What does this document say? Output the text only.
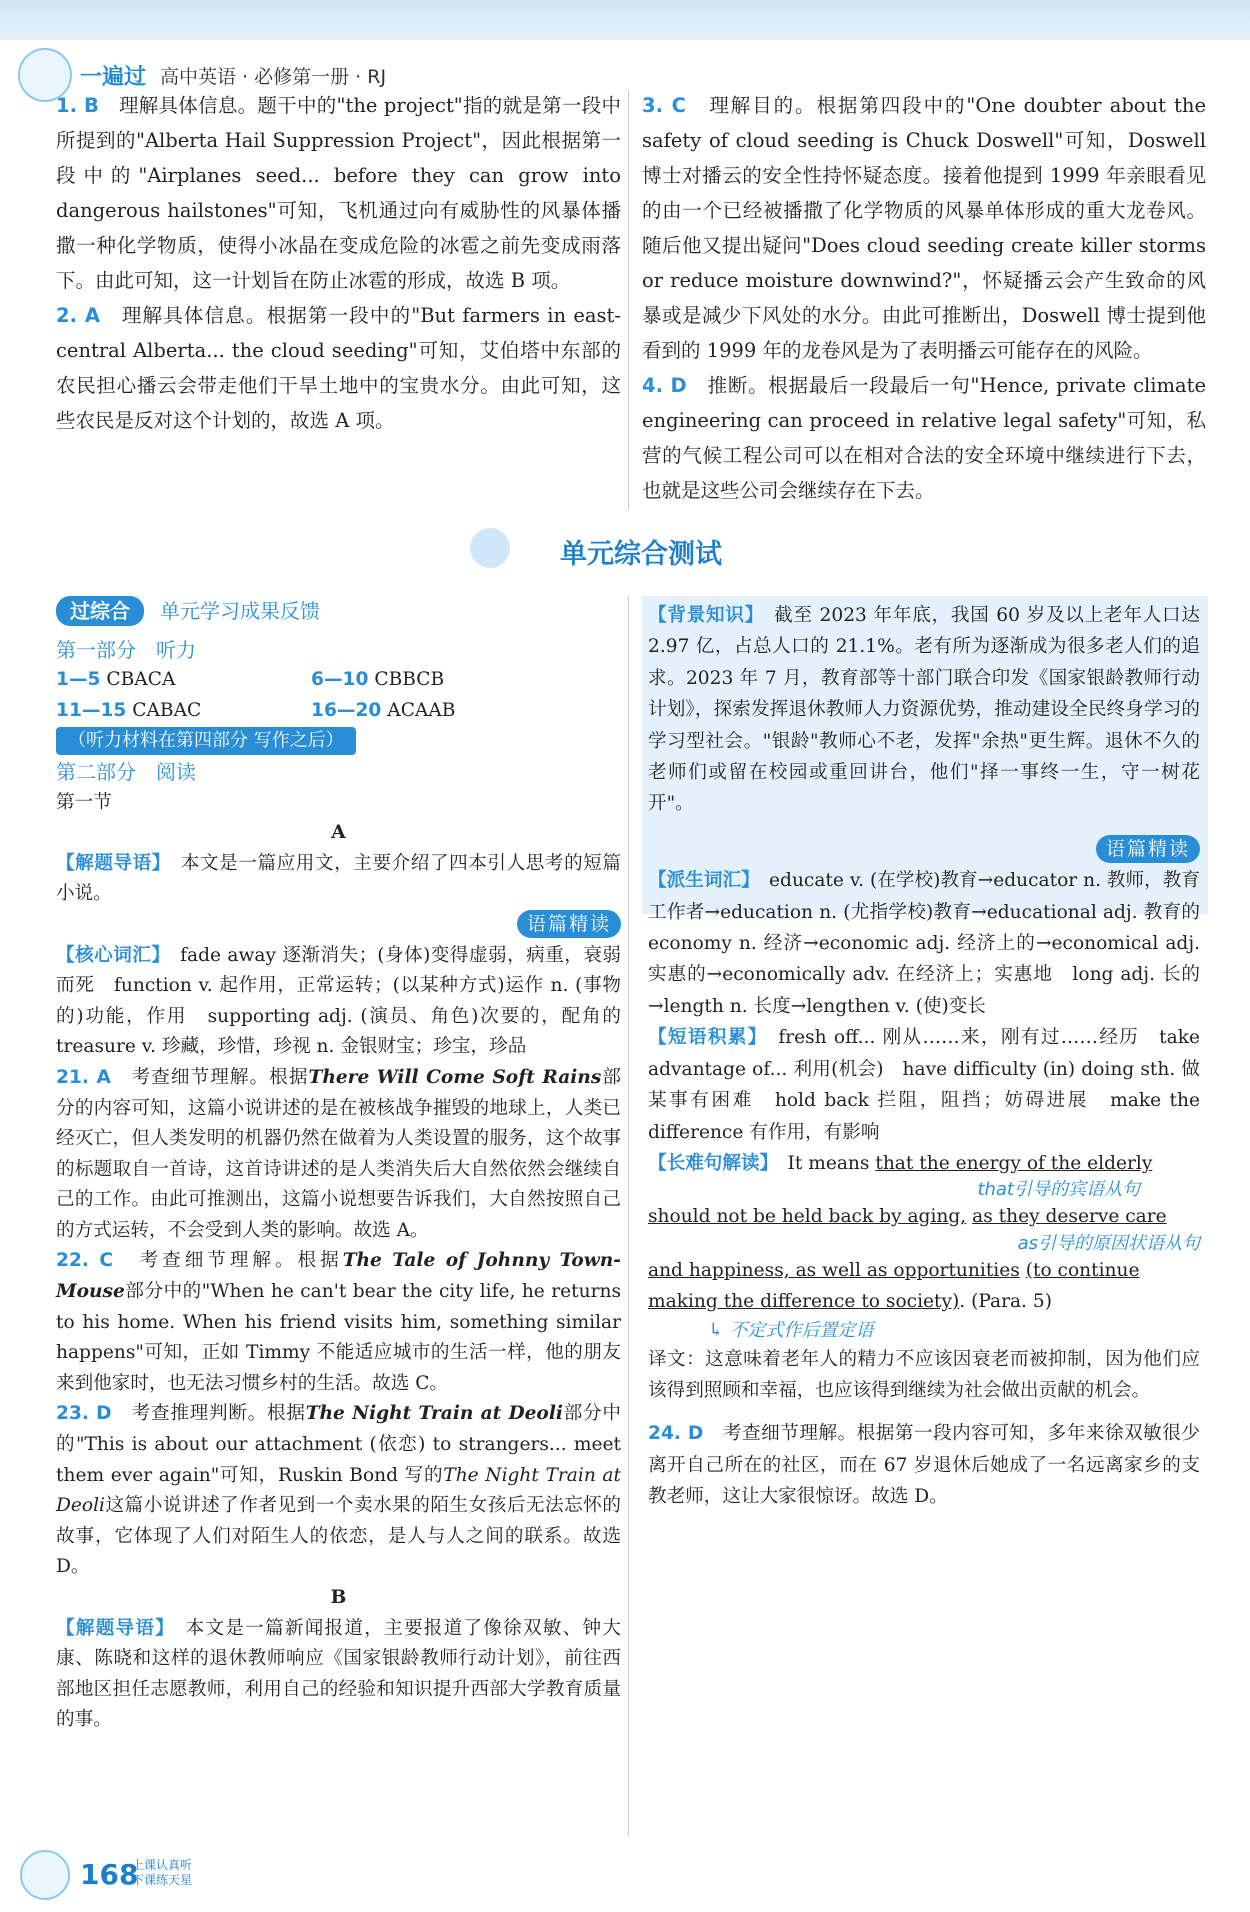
一遍过 高中英语 · 必修第一册 · RJ

1. B　 理解具体信息。题干中的"the project"指的就是第一段中所提到的"Alberta Hail Suppression Project"，因此根据第一段中的"Airplanes seed... before they can grow into dangerous hailstones"可知，飞机通过向有威胁性的风暴体播撒一种化学物质，使得小冰晶在变成危险的冰雹之前先变成雨落下。由此可知，这一计划旨在防止冰雹的形成，故选 B 项。

2. A　 理解具体信息。根据第一段中的"But farmers in east-central Alberta... the cloud seeding"可知，艾伯塔中东部的农民担心播云会带走他们干旱土地中的宝贵水分。由此可知，这些农民是反对这个计划的，故选 A 项。

3. C　 理解目的。根据第四段中的"One doubter about the safety of cloud seeding is Chuck Doswell"可知，Doswell 博士对播云的安全性持怀疑态度。接着他提到 1999 年亲眼看见的由一个已经被播撒了化学物质的风暴单体形成的重大龙卷风。随后他又提出疑问"Does cloud seeding create killer storms or reduce moisture downwind?"，怀疑播云会产生致命的风暴或是减少下风处的水分。由此可推断出，Doswell 博士提到他看到的 1999 年的龙卷风是为了表明播云可能存在的风险。

4. D　 推断。根据最后一段最后一句"Hence, private climate engineering can proceed in relative legal safety"可知，私营的气候工程公司可以在相对合法的安全环境中继续进行下去，也就是这些公司会继续存在下去。

单元综合测试
过综合 单元学习成果反馈
第一部分　听力
1—5 CBACA	6—10 CBBCB
11—15 CABAC	16—20 ACAAB
（听力材料在第四部分 写作之后）
第二部分　阅读
第一节
A

【解题导语】　 本文是一篇应用文，主要介绍了四本引人思考的短篇小说。

语篇精读

【核心词汇】　 fade away 逐渐消失；(身体)变得虚弱，病重，衰弱而死　function v. 起作用，正常运转；(以某种方式)运作 n. (事物的)功能，作用　supporting adj. (演员、角色)次要的，配角的　treasure v. 珍藏，珍惜，珍视 n. 金银财宝；珍宝，珍品

21. A　 考查细节理解。根据There Will Come Soft Rains部分的内容可知，这篇小说讲述的是在被核战争摧毁的地球上，人类已经灭亡，但人类发明的机器仍然在做着为人类设置的服务，这个故事的标题取自一首诗，这首诗讲述的是人类消失后大自然依然会继续自己的工作。由此可推测出，这篇小说想要告诉我们，大自然按照自己的方式运转，不会受到人类的影响。故选 A。

22. C　 考查细节理解。根据The Tale of Johnny Town-Mouse部分中的"When he can't bear the city life, he returns to his home. When his friend visits him, something similar happens"可知，正如 Timmy 不能适应城市的生活一样，他的朋友来到他家时，也无法习惯乡村的生活。故选 C。

23. D　 考查推理判断。根据The Night Train at Deoli部分中的"This is about our attachment (依恋) to strangers... meet them ever again"可知，Ruskin Bond 写的The Night Train at Deoli这篇小说讲述了作者见到一个卖水果的陌生女孩后无法忘怀的故事，它体现了人们对陌生人的依恋，是人与人之间的联系。故选 D。

B

【解题导语】　 本文是一篇新闻报道，主要报道了像徐双敏、钟大康、陈晓和这样的退休教师响应《国家银龄教师行动计划》，前往西部地区担任志愿教师，利用自己的经验和知识提升西部大学教育质量的事。

【背景知识】　 截至 2023 年年底，我国 60 岁及以上老年人口达 2.97 亿，占总人口的 21.1%。老有所为逐渐成为很多老人们的追求。2023 年 7 月，教育部等十部门联合印发《国家银龄教师行动计划》，探索发挥退休教师人力资源优势，推动建设全民终身学习的学习型社会。"银龄"教师心不老，发挥"余热"更生辉。退休不久的老师们或留在校园或重回讲台，他们"择一事终一生，守一树花开"。

语篇精读

【派生词汇】　 educate v. (在学校)教育→educator n. 教师，教育工作者→education n. (尤指学校)教育→educational adj. 教育的　economy n. 经济→economic adj. 经济上的→economical adj. 实惠的→economically adv. 在经济上；实惠地　long adj. 长的→length n. 长度→lengthen v. (使)变长

【短语积累】　 fresh off... 刚从……来，刚有过……经历　take advantage of... 利用(机会)　have difficulty (in) doing sth. 做某事有困难　hold back 拦阻，阻挡；妨碍进展　make the difference 有作用，有影响

【长难句解读】　 It means that the energy of the elderly
that引导的宾语从句
should not be held back by aging, as they deserve care
as引导的原因状语从句
and happiness, as well as opportunities (to continue making the difference to society). (Para. 5)
↳ 不定式作后置定语

译文：这意味着老年人的精力不应该因衰老而被抑制，因为他们应该得到照顾和幸福，也应该得到继续为社会做出贡献的机会。

24. D　 考查细节理解。根据第一段内容可知，多年来徐双敏很少离开自己所在的社区，而在 67 岁退休后她成了一名远离家乡的支教老师，这让大家很惊讶。故选 D。

168
上课认真听
下课练天星
